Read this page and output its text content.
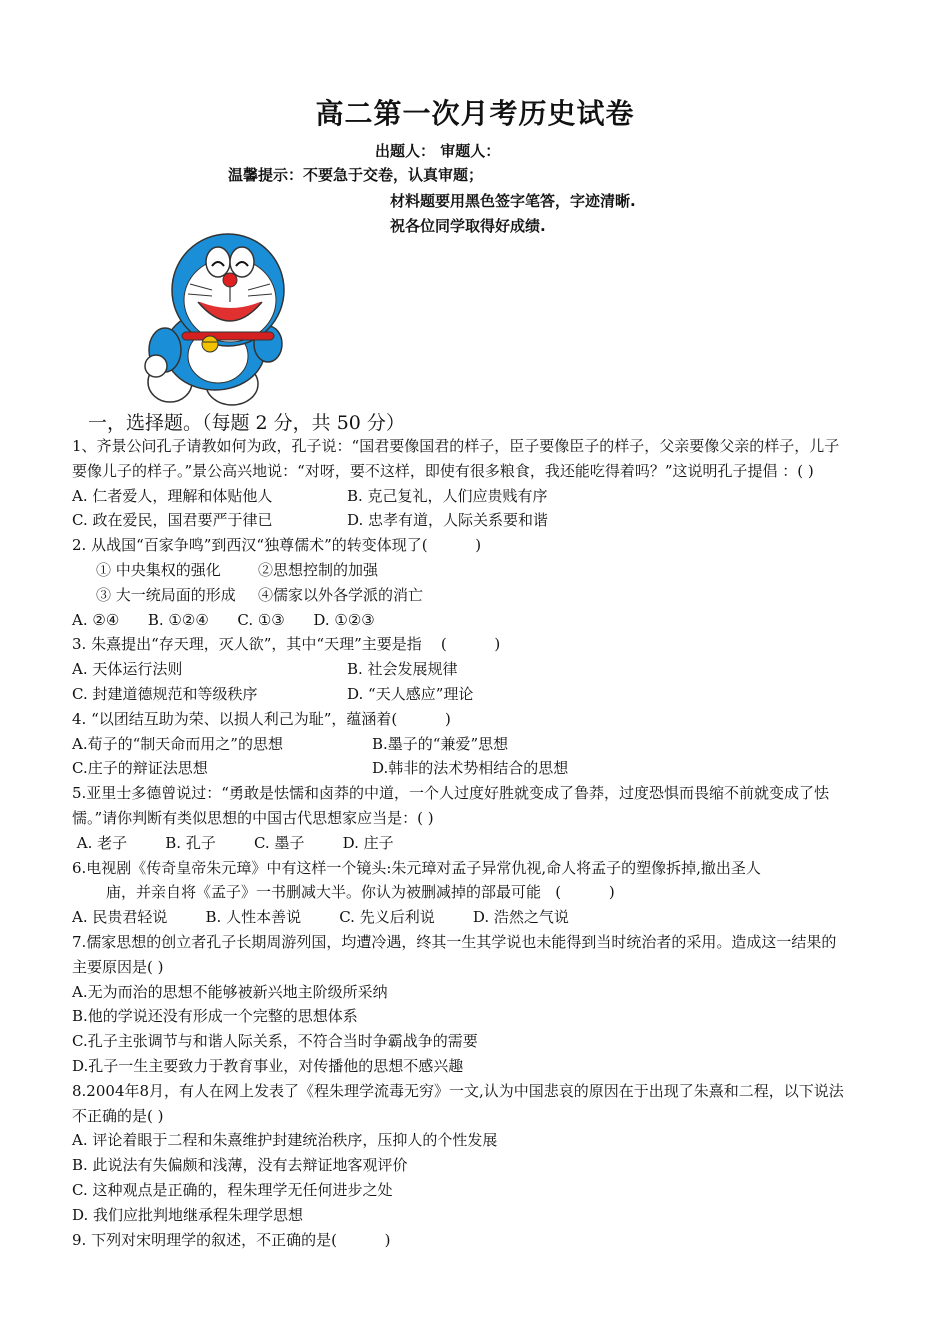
高二第一次月考历史试卷
出题人： 审题人：
温馨提示：不要急于交卷，认真审题；
材料题要用黑色签字笔答，字迹清晰.
祝各位同学取得好成绩.
一，选择题。（每题 2 分，共 50 分）
1、齐景公问孔子请教如何为政，孔子说：“国君要像国君的样子，臣子要像臣子的样子，父亲要像父亲的样子，儿子要像儿子的样子。”景公高兴地说：“对呀，要不这样，即使有很多粮食，我还能吃得着吗？”这说明孔子提倡 ：( )
A. 仁者爱人，理解和体贴他人	B. 克己复礼，人们应贵贱有序
C. 政在爱民，国君要严于律已	D. 忠孝有道，人际关系要和谐
2. 从战国“百家争鸣”到西汉“独尊儒术”的转变体现了(          )
① 中央集权的强化	②思想控制的加强
③ 大一统局面的形成	④儒家以外各学派的消亡
A. ②④      B. ①②④      C. ①③      D. ①②③
3. 朱熹提出“存天理，灭人欲”，其中“天理”主要是指    (          )
A. 天体运行法则	B. 社会发展规律
C. 封建道德规范和等级秩序	D. “天人感应”理论
4. “以团结互助为荣、以损人利己为耻”，蕴涵着(          )
A.荀子的“制天命而用之”的思想	B.墨子的“兼爱”思想
C.庄子的辩证法思想	D.韩非的法术势相结合的思想
5.亚里士多德曾说过：“勇敢是怯懦和卤莽的中道，一个人过度好胜就变成了鲁莽，过度恐惧而畏缩不前就变成了怯懦。”请你判断有类似思想的中国古代思想家应当是：( )
A. 老子        B. 孔子        C. 墨子        D. 庄子
6.电视剧《传奇皇帝朱元璋》中有这样一个镜头:朱元璋对孟子异常仇视,命人将孟子的塑像拆掉,撤出圣人
庙，并亲自将《孟子》一书删减大半。你认为被删减掉的部最可能   (          )
A. 民贵君轻说        B. 人性本善说        C. 先义后利说        D. 浩然之气说
7.儒家思想的创立者孔子长期周游列国，均遭冷遇，终其一生其学说也未能得到当时统治者的采用。造成这一结果的主要原因是( )
A.无为而治的思想不能够被新兴地主阶级所采纳
B.他的学说还没有形成一个完整的思想体系
C.孔子主张调节与和谐人际关系，不符合当时争霸战争的需要
D.孔子一生主要致力于教育事业，对传播他的思想不感兴趣
8.2004年8月，有人在网上发表了《程朱理学流毒无穷》一文,认为中国悲哀的原因在于出现了朱熹和二程，以下说法不正确的是( )
A. 评论着眼于二程和朱熹维护封建统治秩序，压抑人的个性发展
B. 此说法有失偏颇和浅薄，没有去辩证地客观评价
C. 这种观点是正确的，程朱理学无任何进步之处
D. 我们应批判地继承程朱理学思想
9. 下列对宋明理学的叙述，不正确的是(          )
